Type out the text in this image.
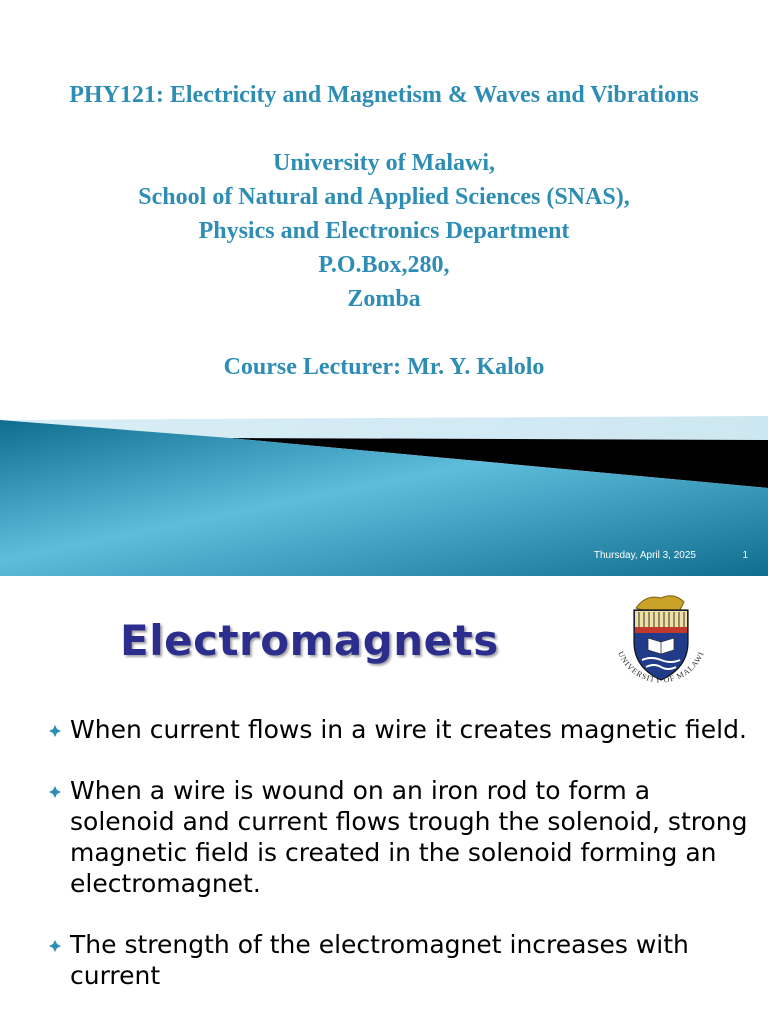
PHY121: Electricity and Magnetism & Waves and Vibrations
University of Malawi,
School of Natural and Applied Sciences (SNAS),
Physics and Electronics Department
P.O.Box,280,
Zomba
Course Lecturer: Mr. Y. Kalolo
Thursday, April 3, 2025	1
Electromagnets	UNIVERSITY OF MALAWI
When current flows in a wire it creates magnetic field.
When a wire is wound on an iron rod to form a solenoid and current flows trough the solenoid, strong magnetic field is created in the solenoid forming an electromagnet.
The strength of the electromagnet increases with current
